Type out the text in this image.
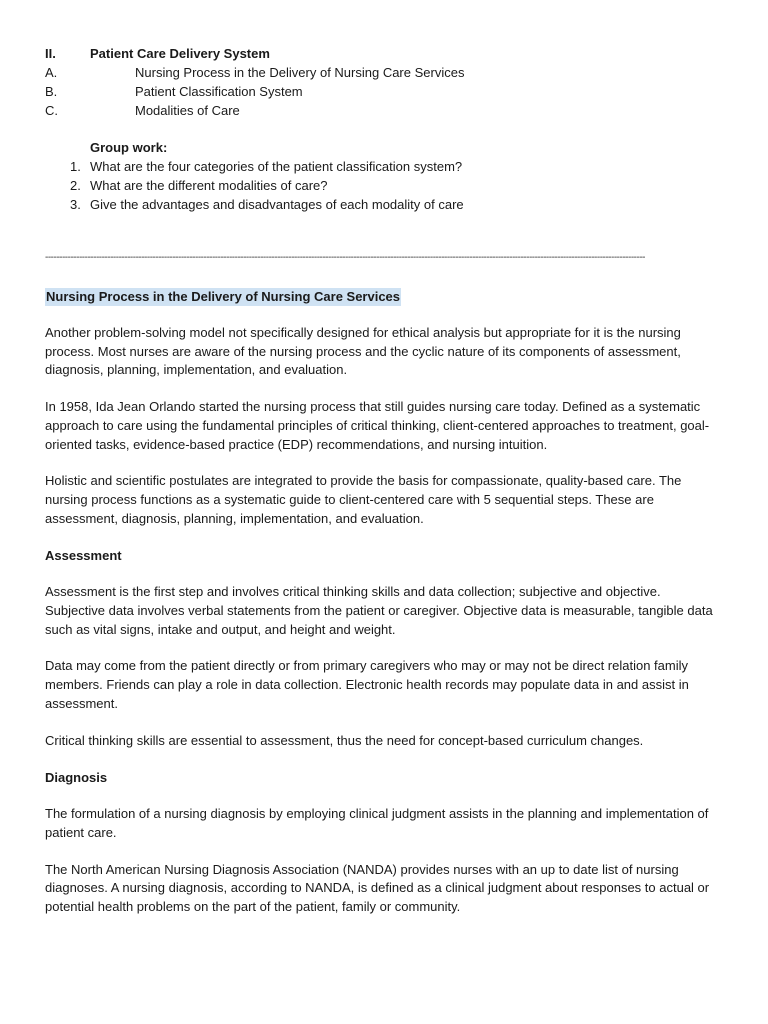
II.	Patient Care Delivery System
A.	Nursing Process in the Delivery of Nursing Care Services
B.	Patient Classification System
C.	Modalities of Care
Group work:
1. What are the four categories of the patient classification system?
2. What are the different modalities of care?
3. Give the advantages and disadvantages of each modality of care
--------------------------------------------------------------------------------------------------------------------------------------------------------------------------------------------------------------------
Nursing Process in the Delivery of Nursing Care Services

Another problem-solving model not specifically designed for ethical analysis but appropriate for it is the nursing process. Most nurses are aware of the nursing process and the cyclic nature of its components of assessment, diagnosis, planning, implementation, and evaluation.

In 1958, Ida Jean Orlando started the nursing process that still guides nursing care today. Defined as a systematic approach to care using the fundamental principles of critical thinking, client-centered approaches to treatment, goal-oriented tasks, evidence-based practice (EDP) recommendations, and nursing intuition.

Holistic and scientific postulates are integrated to provide the basis for compassionate, quality-based care. The nursing process functions as a systematic guide to client-centered care with 5 sequential steps. These are assessment, diagnosis, planning, implementation, and evaluation.

Assessment

Assessment is the first step and involves critical thinking skills and data collection; subjective and objective. Subjective data involves verbal statements from the patient or caregiver. Objective data is measurable, tangible data such as vital signs, intake and output, and height and weight.

Data may come from the patient directly or from primary caregivers who may or may not be direct relation family members. Friends can play a role in data collection. Electronic health records may populate data in and assist in assessment.

Critical thinking skills are essential to assessment, thus the need for concept-based curriculum changes.

Diagnosis

The formulation of a nursing diagnosis by employing clinical judgment assists in the planning and implementation of patient care.

The North American Nursing Diagnosis Association (NANDA) provides nurses with an up to date list of nursing diagnoses. A nursing diagnosis, according to NANDA, is defined as a clinical judgment about responses to actual or potential health problems on the part of the patient, family or community.
